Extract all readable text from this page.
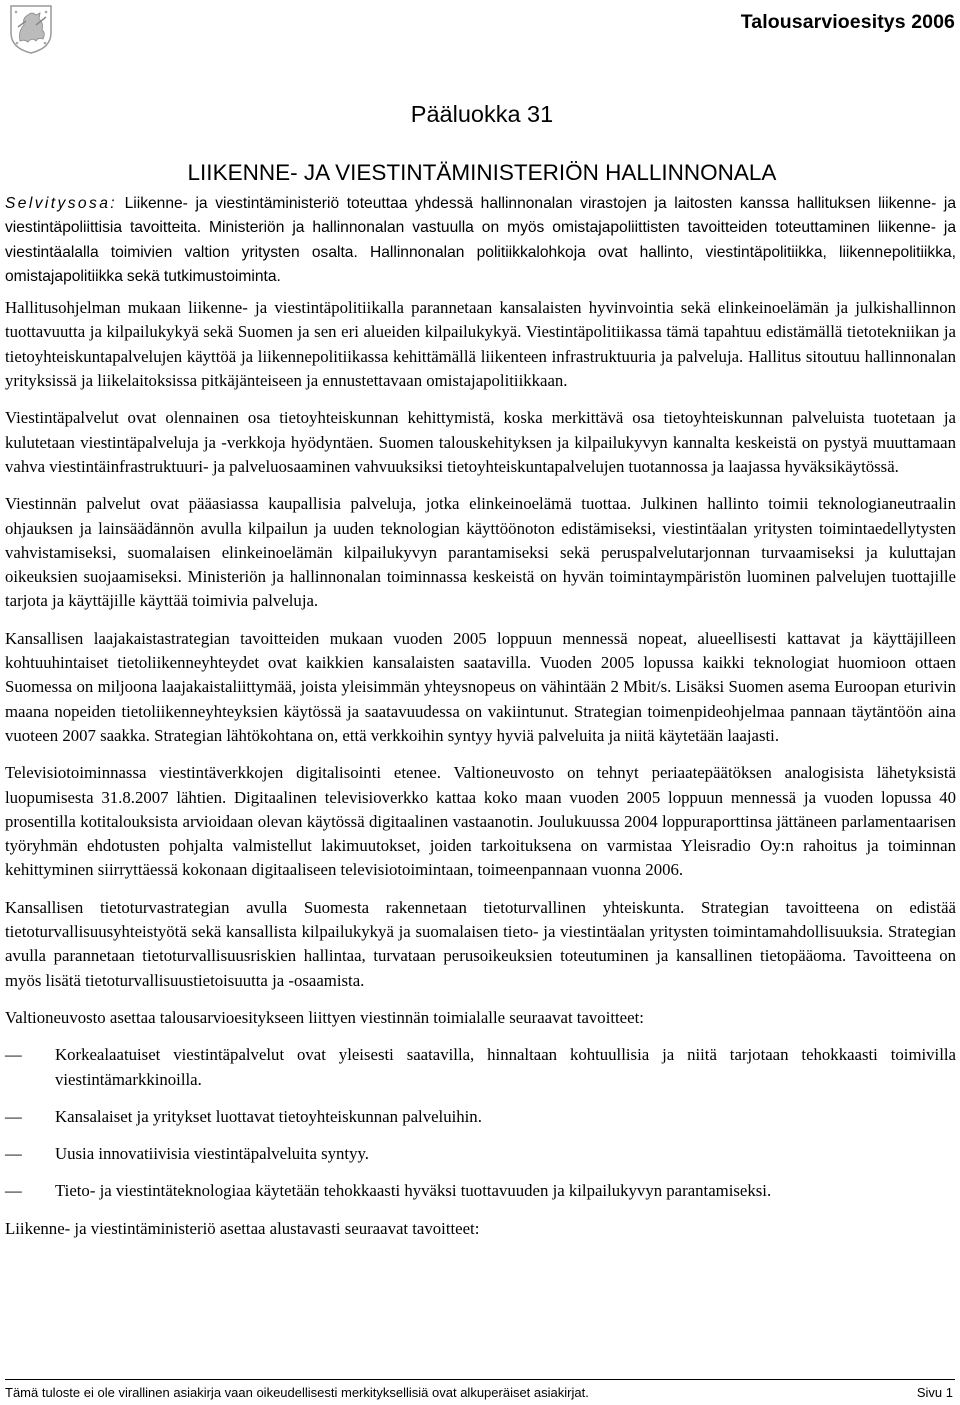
Talousarvioesitys 2006
Pääluokka 31
LIIKENNE- JA VIESTINTÄMINISTERIÖN HALLINNONALA

Selvitysosa: Liikenne- ja viestintäministeriö toteuttaa yhdessä hallinnonalan virastojen ja laitosten kanssa hallituksen liikenne- ja viestintäpoliittisia tavoitteita. Ministeriön ja hallinnonalan vastuulla on myös omistajapoliittisten tavoitteiden toteuttaminen liikenne- ja viestintäalalla toimivien valtion yritysten osalta. Hallinnonalan politiikkalohkoja ovat hallinto, viestintäpolitiikka, liikennepolitiikka, omistajapolitiikka sekä tutkimustoiminta.

Hallitusohjelman mukaan liikenne- ja viestintäpolitiikalla parannetaan kansalaisten hyvinvointia sekä elinkeinoelämän ja julkishallinnon tuottavuutta ja kilpailukykyä sekä Suomen ja sen eri alueiden kilpailukykyä. Viestintäpolitiikassa tämä tapahtuu edistämällä tietotekniikan ja tietoyhteiskuntapalvelujen käyttöä ja liikennepolitiikassa kehittämällä liikenteen infrastruktuuria ja palveluja. Hallitus sitoutuu hallinnonalan yrityksissä ja liikelaitoksissa pitkäjänteiseen ja ennustettavaan omistajapolitiikkaan.

Viestintäpalvelut ovat olennainen osa tietoyhteiskunnan kehittymistä, koska merkittävä osa tietoyhteiskunnan palveluista tuotetaan ja kulutetaan viestintäpalveluja ja -verkkoja hyödyntäen. Suomen talouskehityksen ja kilpailukyvyn kannalta keskeistä on pystyä muuttamaan vahva viestintäinfrastruktuuri- ja palveluosaaminen vahvuuksiksi tietoyhteiskuntapalvelujen tuotannossa ja laajassa hyväksikäytössä.

Viestinnän palvelut ovat pääasiassa kaupallisia palveluja, jotka elinkeinoelämä tuottaa. Julkinen hallinto toimii teknologianeutraalin ohjauksen ja lainsäädännön avulla kilpailun ja uuden teknologian käyttöönoton edistämiseksi, viestintäalan yritysten toimintaedellytysten vahvistamiseksi, suomalaisen elinkeinoelämän kilpailukyvyn parantamiseksi sekä peruspalvelutarjonnan turvaamiseksi ja kuluttajan oikeuksien suojaamiseksi. Ministeriön ja hallinnonalan toiminnassa keskeistä on hyvän toimintaympäristön luominen palvelujen tuottajille tarjota ja käyttäjille käyttää toimivia palveluja.

Kansallisen laajakaistastrategian tavoitteiden mukaan vuoden 2005 loppuun mennessä nopeat, alueellisesti kattavat ja käyttäjilleen kohtuuhintaiset tietoliikenneyhteydet ovat kaikkien kansalaisten saatavilla. Vuoden 2005 lopussa kaikki teknologiat huomioon ottaen Suomessa on miljoona laajakaistaliittymää, joista yleisimmän yhteysnopeus on vähintään 2 Mbit/s. Lisäksi Suomen asema Euroopan eturivin maana nopeiden tietoliikenneyhteyksien käytössä ja saatavuudessa on vakiintunut. Strategian toimenpideohjelmaa pannaan täytäntöön aina vuoteen 2007 saakka. Strategian lähtökohtana on, että verkkoihin syntyy hyviä palveluita ja niitä käytetään laajasti.

Televisiotoiminnassa viestintäverkkojen digitalisointi etenee. Valtioneuvosto on tehnyt periaatepäätöksen analogisista lähetyksistä luopumisesta 31.8.2007 lähtien. Digitaalinen televisioverkko kattaa koko maan vuoden 2005 loppuun mennessä ja vuoden lopussa 40 prosentilla kotitalouksista arvioidaan olevan käytössä digitaalinen vastaanotin. Joulukuussa 2004 loppuraporttinsa jättäneen parlamentaarisen työryhmän ehdotusten pohjalta valmistellut lakimuutokset, joiden tarkoituksena on varmistaa Yleisradio Oy:n rahoitus ja toiminnan kehittyminen siirryttäessä kokonaan digitaaliseen televisiotoimintaan, toimeenpannaan vuonna 2006.

Kansallisen tietoturvastrategian avulla Suomesta rakennetaan tietoturvallinen yhteiskunta. Strategian tavoitteena on edistää tietoturvallisuusyhteistyötä sekä kansallista kilpailukykyä ja suomalaisen tieto- ja viestintäalan yritysten toimintamahdollisuuksia. Strategian avulla parannetaan tietoturvallisuusriskien hallintaa, turvataan perusoikeuksien toteutuminen ja kansallinen tietopääoma. Tavoitteena on myös lisätä tietoturvallisuustietoisuutta ja -osaamista.

Valtioneuvosto asettaa talousarvioesitykseen liittyen viestinnän toimialalle seuraavat tavoitteet:

— Korkealaatuiset viestintäpalvelut ovat yleisesti saatavilla, hinnaltaan kohtuullisia ja niitä tarjotaan tehokkaasti toimivilla viestintämarkkinoilla.
— Kansalaiset ja yritykset luottavat tietoyhteiskunnan palveluihin.
— Uusia innovatiivisia viestintäpalveluita syntyy.
— Tieto- ja viestintäteknologiaa käytetään tehokkaasti hyväksi tuottavuuden ja kilpailukyvyn parantamiseksi.

Liikenne- ja viestintäministeriö asettaa alustavasti seuraavat tavoitteet:

Tämä tuloste ei ole virallinen asiakirja vaan oikeudellisesti merkityksellisiä ovat alkuperäiset asiakirjat.	Sivu 1
